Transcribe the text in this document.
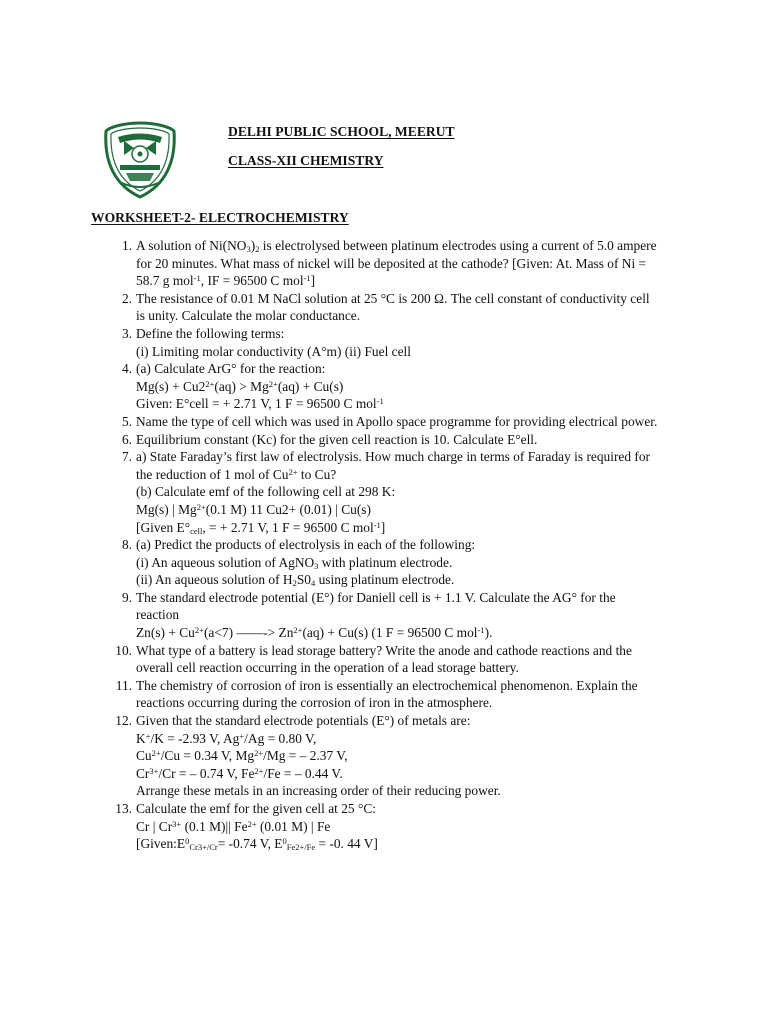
DELHI PUBLIC SCHOOL, MEERUT
CLASS-XII CHEMISTRY
WORKSHEET-2- ELECTROCHEMISTRY
1. A solution of $Ni(NO_3)_2$ is electrolysed between platinum electrodes using a current of 5.0 ampere
for 20 minutes. What mass of nickel will be deposited at the cathode? [Given: At. Mass of Ni =
58.7 g mol$^{-1}$, IF = 96500 C mol$^{-1}$]
2. The resistance of 0.01 M NaCl solution at 25 °C is 200 Ω. The cell constant of conductivity cell
is unity. Calculate the molar conductance.
3. Define the following terms:
(i) Limiting molar conductivity (A°m) (ii) Fuel cell
4. (a) Calculate ArG° for the reaction:
$Mg(s) + Cu2^{2+}(aq) > Mg^{2+}(aq) + Cu(s)$
Given: E°cell = + 2.71 V, 1 F = 96500 C mol$^{-1}$
5. Name the type of cell which was used in Apollo space programme for providing electrical power.
6. Equilibrium constant (Kc) for the given cell reaction is 10. Calculate E°ell.
7. a) State Faraday’s first law of electrolysis. How much charge in terms of Faraday is required for
the reduction of 1 mol of $Cu^{2+}$ to Cu?
(b) Calculate emf of the following cell at 298 K:
Mg(s) | $Mg^{2+}(0.1$ M) 11 Cu2+ (0.01) | Cu(s)
[Given $E^\circ_{cell}$, = + 2.71 V, 1 F = 96500 C mol$^{-1}$]
8. (a) Predict the products of electrolysis in each of the following:
(i) An aqueous solution of AgNO$_3$ with platinum electrode.
(ii) An aqueous solution of $H_2S0_4$ using platinum electrode.
9. The standard electrode potential (E°) for Daniell cell is + 1.1 V. Calculate the AG° for the
reaction
$Zn(s) + Cu^{2+}(a<7)$ ——-> $Zn^{2+}(aq) + Cu(s)$ (1 F = 96500 C mol$^{-1}$).
10. What type of a battery is lead storage battery? Write the anode and cathode reactions and the
overall cell reaction occurring in the operation of a lead storage battery.
11. The chemistry of corrosion of iron is essentially an electrochemical phenomenon. Explain the
reactions occurring during the corrosion of iron in the atmosphere.
12. Given that the standard electrode potentials (E°) of metals are:
K+/K = -2.93 V, Ag+/Ag = 0.80 V,
$Cu^{2+}/Cu = 0.34$ V, $Mg^{2+}/Mg$ = – 2.37 V,
$Cr^{3+}/Cr$ = – 0.74 V, $Fe^{2+}/Fe$ = – 0.44 V.
Arrange these metals in an increasing order of their reducing power.
13. Calculate the emf for the given cell at 25 °C:
Cr | $Cr^{3+}$ (0.1 M)|| $Fe^{2+}$ (0.01 M) | Fe
[$Given:E^0_{Cr3+/Cr}= -0.74$ V, $E^0_{Fe2+/Fe} = -0$. 44 V]
